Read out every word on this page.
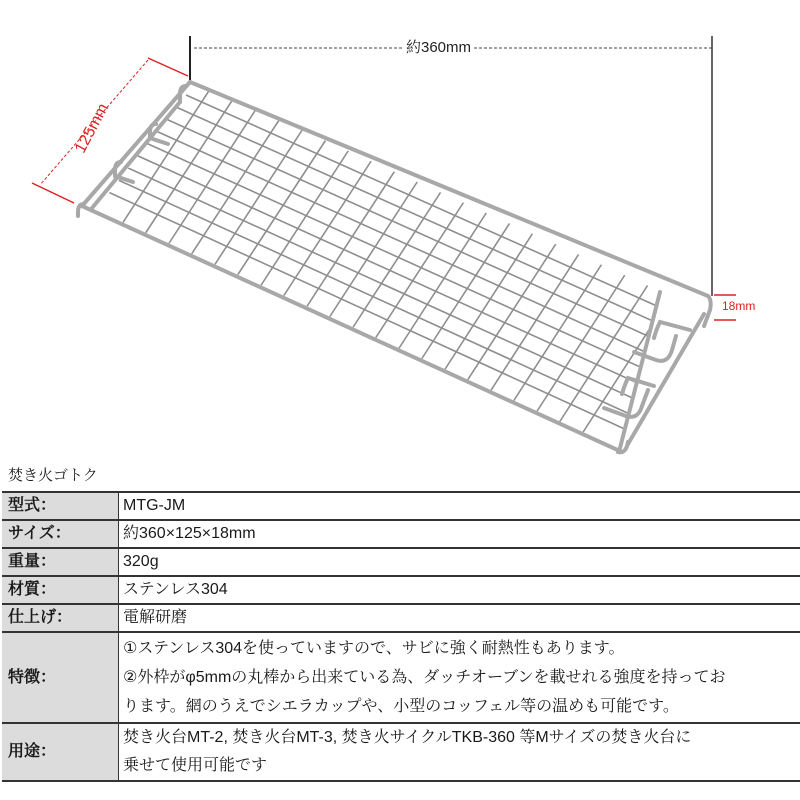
約360mm
125mm
18mm
焚き火ゴトク
型式：	MTG-JM
サイズ：	約360×125×18mm
重量：	320g
材質：	ステンレス304
仕上げ：	電解研磨
特徴：	①ステンレス304を使っていますので、サビに強く耐熱性もあります。
②外枠がφ5mmの丸棒から出来ている為、ダッチオーブンを載せれる強度を持ってお
ります。網のうえでシエラカップや、小型のコッフェル等の温めも可能です。

用途：	焚き火台MT-2, 焚き火台MT-3, 焚き火サイクルTKB-360 等Mサイズの焚き火台に
乗せて使用可能です
